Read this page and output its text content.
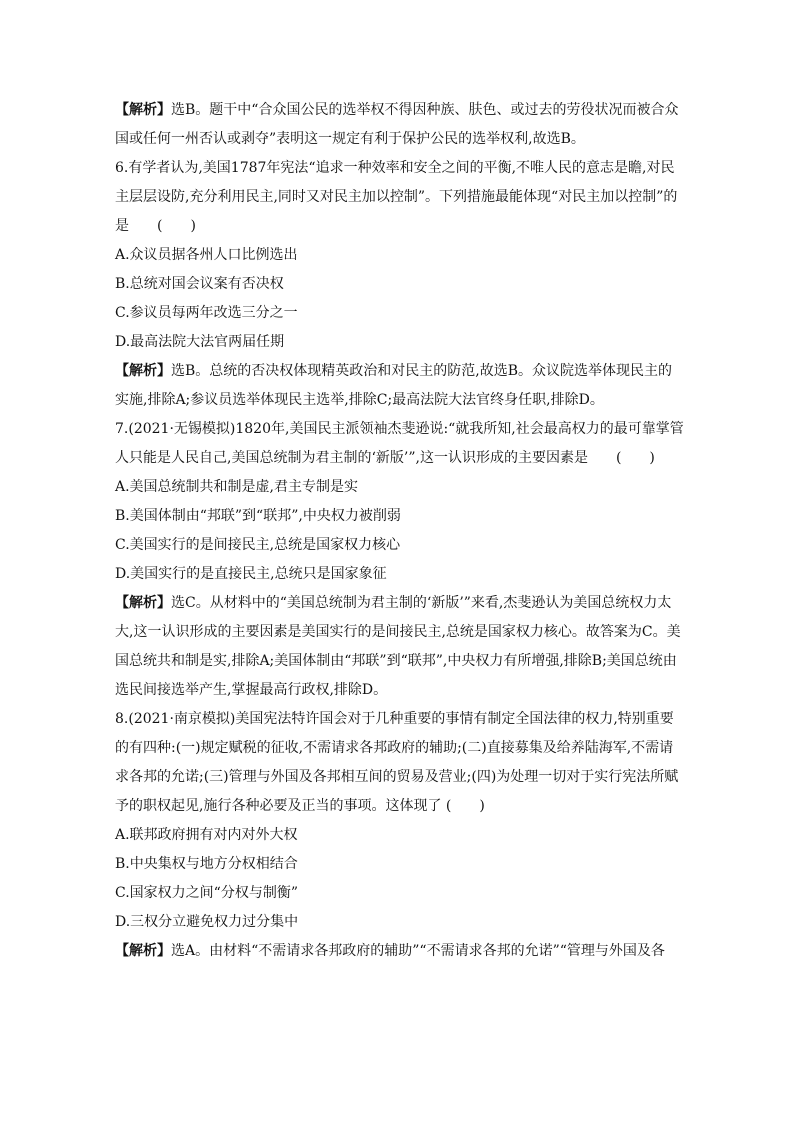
【解析】选B。题干中“合众国公民的选举权不得因种族、肤色、或过去的劳役状况而被合众国或任何一州否认或剥夺”表明这一规定有利于保护公民的选举权利,故选B。

6.有学者认为,美国1787年宪法“追求一种效率和安全之间的平衡,不唯人民的意志是瞻,对民主层层设防,充分利用民主,同时又对民主加以控制”。下列措施最能体现“对民主加以控制”的是　　(　　)

A.众议员据各州人口比例选出

B.总统对国会议案有否决权

C.参议员每两年改选三分之一

D.最高法院大法官两届任期

【解析】选B。总统的否决权体现精英政治和对民主的防范,故选B。众议院选举体现民主的实施,排除A;参议员选举体现民主选举,排除C;最高法院大法官终身任职,排除D。

7.(2021·无锡模拟)1820年,美国民主派领袖杰斐逊说:“就我所知,社会最高权力的最可靠掌管人只能是人民自己,美国总统制为君主制的‘新版’”,这一认识形成的主要因素是　　(　　)

A.美国总统制共和制是虚,君主专制是实

B.美国体制由“邦联”到“联邦”,中央权力被削弱

C.美国实行的是间接民主,总统是国家权力核心

D.美国实行的是直接民主,总统只是国家象征

【解析】选C。从材料中的“美国总统制为君主制的‘新版’”来看,杰斐逊认为美国总统权力太大,这一认识形成的主要因素是美国实行的是间接民主,总统是国家权力核心。故答案为C。美国总统共和制是实,排除A;美国体制由“邦联”到“联邦”,中央权力有所增强,排除B;美国总统由选民间接选举产生,掌握最高行政权,排除D。

8.(2021·南京模拟)美国宪法特许国会对于几种重要的事情有制定全国法律的权力,特别重要的有四种:(一)规定赋税的征收,不需请求各邦政府的辅助;(二)直接募集及给养陆海军,不需请求各邦的允诺;(三)管理与外国及各邦相互间的贸易及营业;(四)为处理一切对于实行宪法所赋予的职权起见,施行各种必要及正当的事项。这体现了 (　　)

A.联邦政府拥有对内对外大权

B.中央集权与地方分权相结合

C.国家权力之间“分权与制衡”

D.三权分立避免权力过分集中

【解析】选A。由材料“不需请求各邦政府的辅助”“不需请求各邦的允诺”“管理与外国及各
